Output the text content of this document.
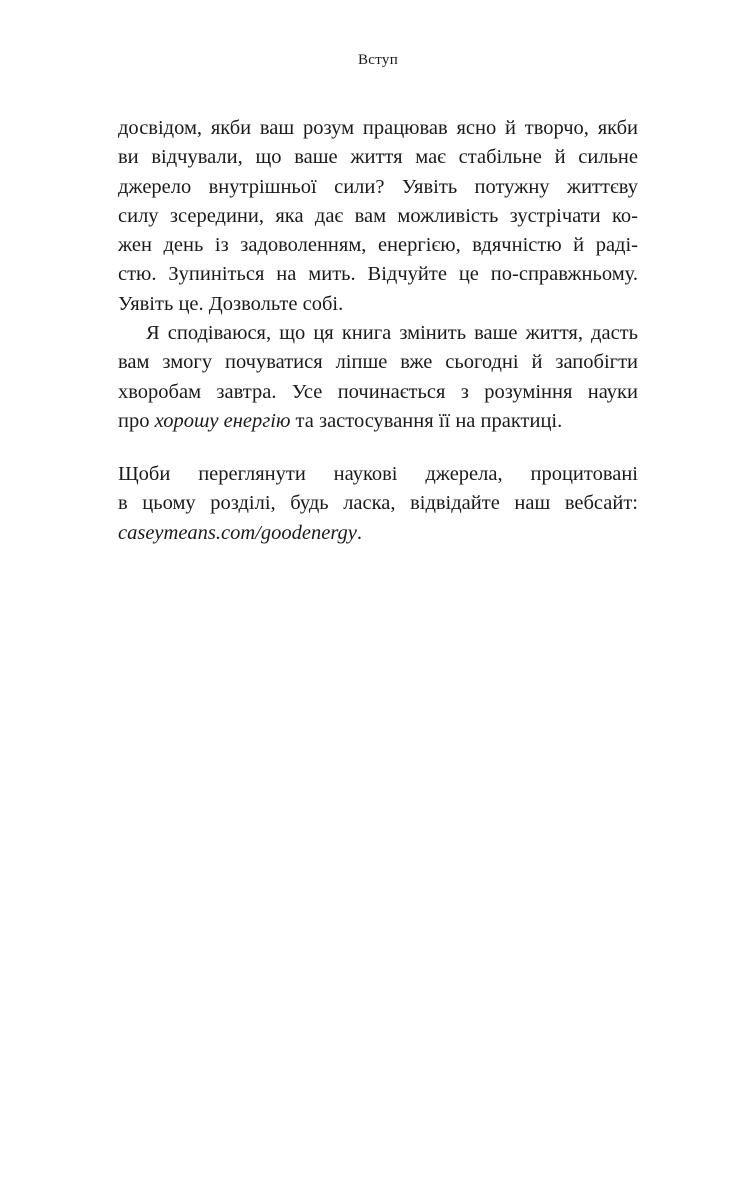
Вступ
досвідом, якби ваш розум працював ясно й творчо, якби
ви відчували, що ваше життя має стабільне й сильне
джерело внутрішньої сили? Уявіть потужну життєву
силу зсередини, яка дає вам можливість зустрічати ко-
жен день із задоволенням, енергією, вдячністю й раді-
стю. Зупиніться на мить. Відчуйте це по-справжньому.
Уявіть це. Дозвольте собі.
Я сподіваюся, що ця книга змінить ваше життя, дасть
вам змогу почуватися ліпше вже сьогодні й запобігти
хворобам завтра. Усе починається з розуміння науки
про хорошу енергію та застосування її на практиці.
Щоби переглянути наукові джерела, процитовані
в цьому розділі, будь ласка, відвідайте наш вебсайт:
caseymeans.com/goodenergy.
